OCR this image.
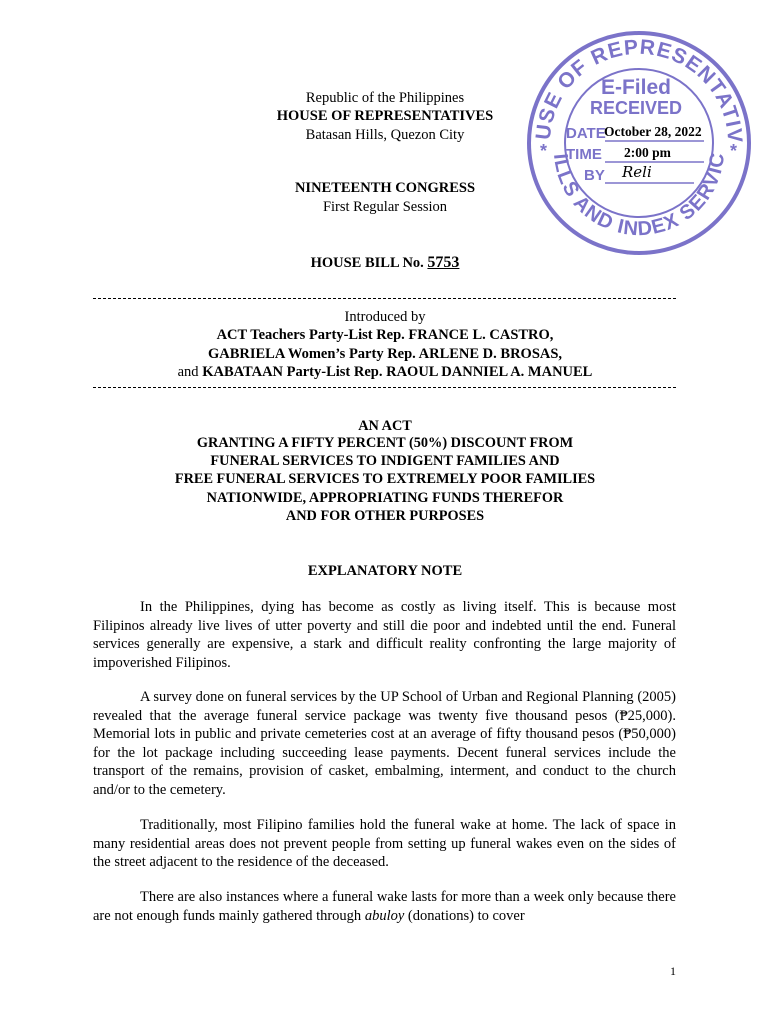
Republic of the Philippines
HOUSE OF REPRESENTATIVES
Batasan Hills, Quezon City
NINETEENTH CONGRESS
First Regular Session
HOUSE BILL No. 5753
USE OF REPRESENTATIV
ILLS AND INDEX SERVIC
*	*
E-Filed
RECEIVED
DATE
TIME
BY
October 28, 2022
2:00 pm
Reli
Introduced by
ACT Teachers Party-List Rep. FRANCE L. CASTRO,
GABRIELA Women’s Party Rep. ARLENE D. BROSAS,
and KABATAAN Party-List Rep. RAOUL DANNIEL A. MANUEL
AN ACT
GRANTING A FIFTY PERCENT (50%) DISCOUNT FROM
FUNERAL SERVICES TO INDIGENT FAMILIES AND
FREE FUNERAL SERVICES TO EXTREMELY POOR FAMILIES
NATIONWIDE, APPROPRIATING FUNDS THEREFOR
AND FOR OTHER PURPOSES
EXPLANATORY NOTE
In the Philippines, dying has become as costly as living itself. This is because most Filipinos already live lives of utter poverty and still die poor and indebted until the end. Funeral services generally are expensive, a stark and difficult reality confronting the large majority of impoverished Filipinos.
A survey done on funeral services by the UP School of Urban and Regional Planning (2005) revealed that the average funeral service package was twenty five thousand pesos (₱25,000). Memorial lots in public and private cemeteries cost at an average of fifty thousand pesos (₱50,000) for the lot package including succeeding lease payments. Decent funeral services include the transport of the remains, provision of casket, embalming, interment, and conduct to the church and/or to the cemetery.
Traditionally, most Filipino families hold the funeral wake at home. The lack of space in many residential areas does not prevent people from setting up funeral wakes even on the sides of the street adjacent to the residence of the deceased.
There are also instances where a funeral wake lasts for more than a week only because there are not enough funds mainly gathered through abuloy (donations) to cover
1
